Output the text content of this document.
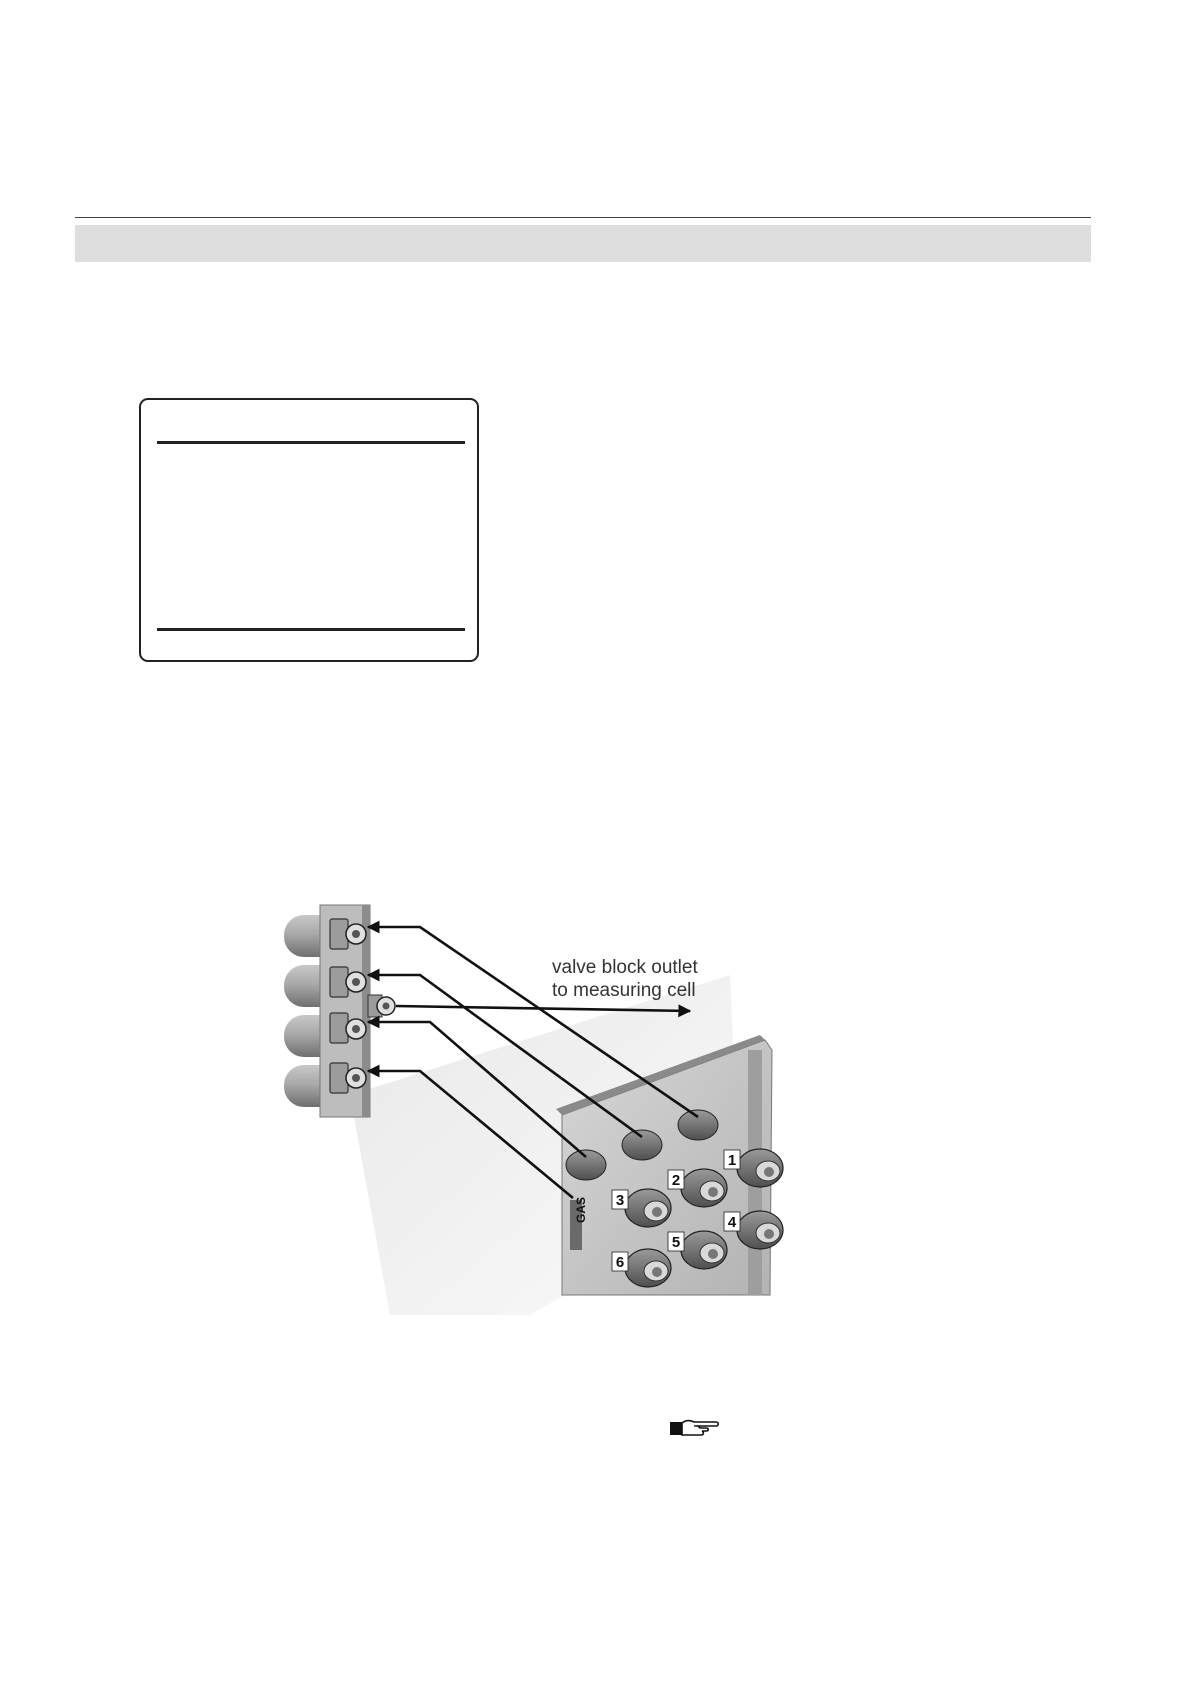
1
2
3
4
5
6
GAS
valve block outlet
to measuring cell
